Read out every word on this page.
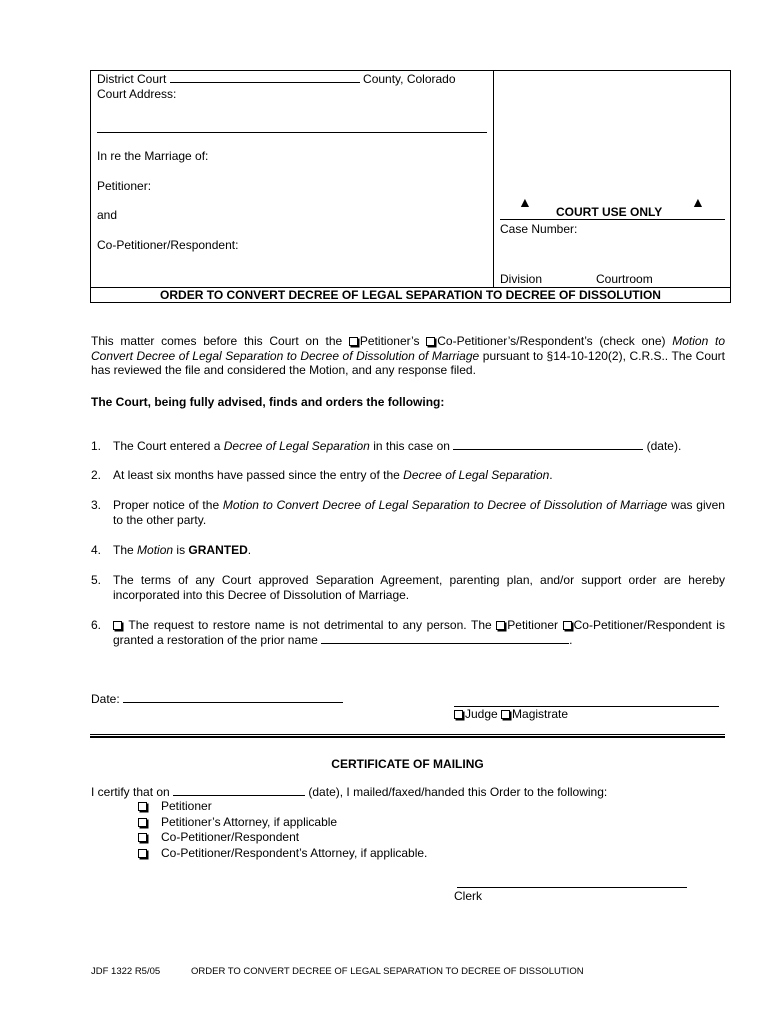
District Court	County, Colorado
Court Address:
In re the Marriage of:
Petitioner:
and
Co-Petitioner/Respondent:
▲	▲
COURT USE ONLY
Case Number:
Division	Courtroom
ORDER TO CONVERT DECREE OF LEGAL SEPARATION TO DECREE OF DISSOLUTION
This matter comes before this Court on the Petitioner’s Co-Petitioner’s/Respondent’s (check one) Motion to Convert Decree of Legal Separation to Decree of Dissolution of Marriage pursuant to §14-10-120(2), C.R.S.. The Court has reviewed the file and considered the Motion, and any response filed.
The Court, being fully advised, finds and orders the following:
1. The Court entered a Decree of Legal Separation in this case on	(date).
2. At least six months have passed since the entry of the Decree of Legal Separation.
3. Proper notice of the Motion to Convert Decree of Legal Separation to Decree of Dissolution of Marriage was given to the other party.
4. The Motion is GRANTED.
5. The terms of any Court approved Separation Agreement, parenting plan, and/or support order are hereby incorporated into this Decree of Dissolution of Marriage.
6.	The request to restore name is not detrimental to any person. The Petitioner Co-Petitioner/Respondent is granted a restoration of the prior name	.
Date:
Judge Magistrate
CERTIFICATE OF MAILING
I certify that on	(date), I mailed/faxed/handed this Order to the following:
Petitioner
Petitioner’s Attorney, if applicable
Co-Petitioner/Respondent
Co-Petitioner/Respondent’s Attorney, if applicable.
Clerk
JDF 1322 R5/05	ORDER TO CONVERT DECREE OF LEGAL SEPARATION TO DECREE OF DISSOLUTION
